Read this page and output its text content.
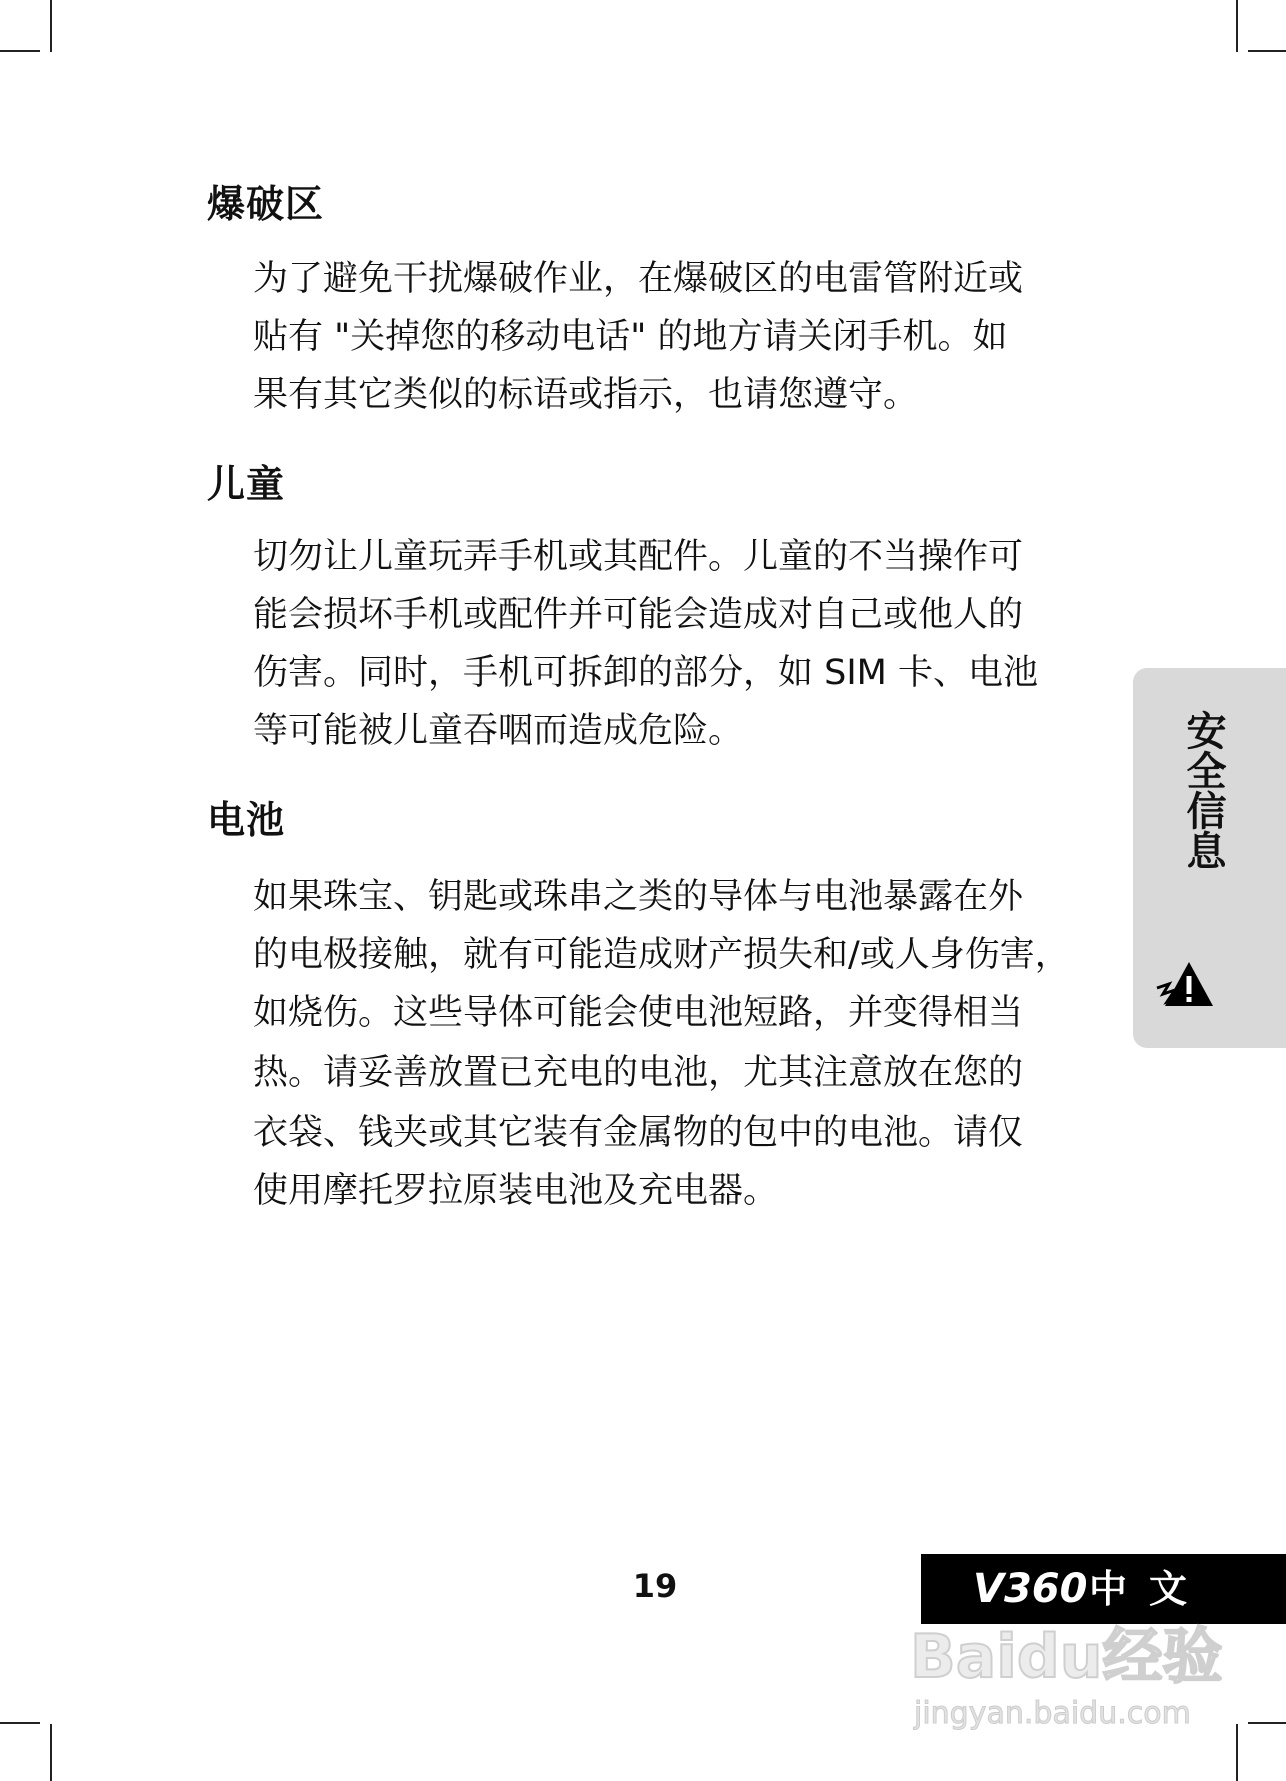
爆破区
为了避免干扰爆破作业，在爆破区的电雷管附近或
贴有 "关掉您的移动电话" 的地方请关闭手机。如
果有其它类似的标语或指示，也请您遵守。
儿童
切勿让儿童玩弄手机或其配件。儿童的不当操作可
能会损坏手机或配件并可能会造成对自己或他人的
伤害。同时，手机可拆卸的部分，如 SIM 卡、电池
等可能被儿童吞咽而造成危险。
电池
如果珠宝、钥匙或珠串之类的导体与电池暴露在外
的电极接触，就有可能造成财产损失和/或人身伤害，
如烧伤。这些导体可能会使电池短路，并变得相当
热。请妥善放置已充电的电池，尤其注意放在您的
衣袋、钱夹或其它装有金属物的包中的电池。请仅
使用摩托罗拉原装电池及充电器。
安全信息
19	V360 中文
Baidu经验
jingyan.baidu.com
